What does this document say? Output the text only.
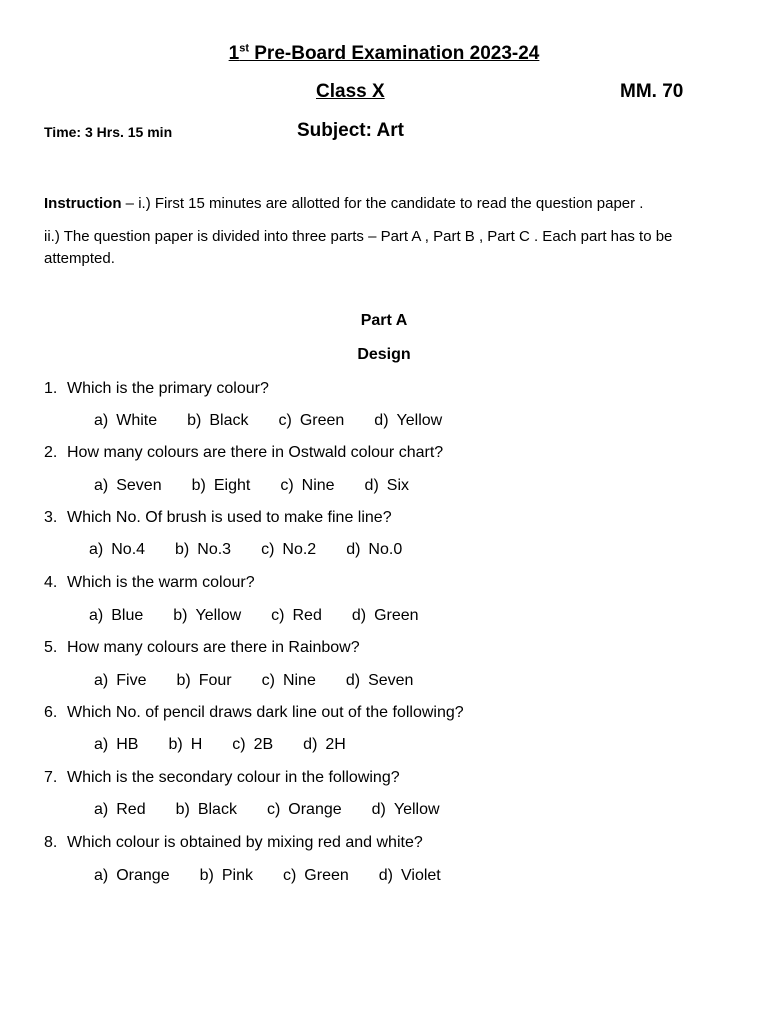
1st Pre-Board Examination 2023-24
Class X	MM. 70
Time: 3 Hrs. 15 min	Subject: Art
Instruction – i.) First 15 minutes are allotted for the candidate to read the question paper .
ii.) The question paper is divided into three parts – Part A , Part B , Part C . Each part has to be attempted.
Part A
Design
1. Which is the primary colour?
a) White b) Black c) Green d) Yellow
2. How many colours are there in Ostwald colour chart?
a) Seven b) Eight c) Nine d) Six
3. Which No. Of brush is used to make fine line?
a) No.4 b) No.3 c) No.2 d) No.0
4. Which is the warm colour?
a) Blue b) Yellow c) Red d) Green
5. How many colours are there in Rainbow?
a) Five b) Four c) Nine d) Seven
6. Which No. of pencil draws dark line out of the following?
a) HB b) H c) 2B d) 2H
7. Which is the secondary colour in the following?
a) Red b) Black c) Orange d) Yellow
8. Which colour is obtained by mixing red and white?
a) Orange b) Pink c) Green d) Violet
